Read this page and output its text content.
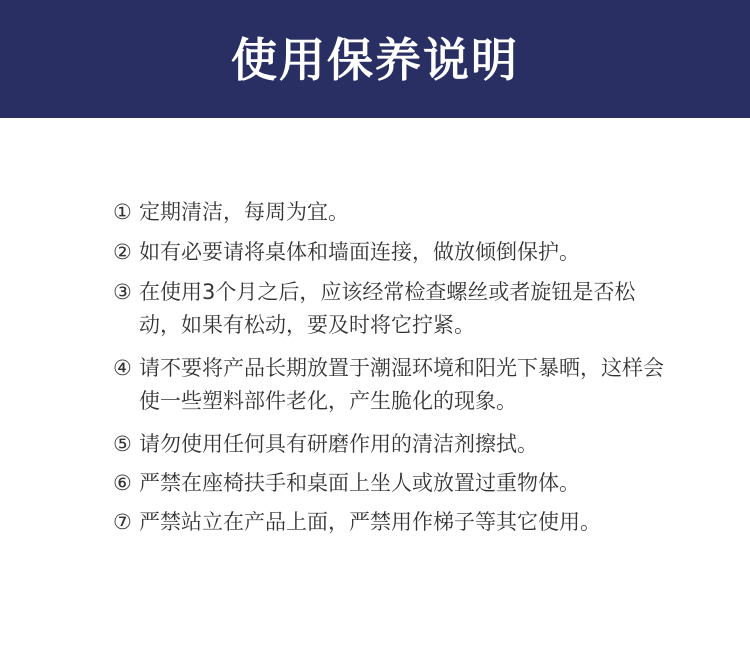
使用保养说明
① 定期清洁，每周为宜。
② 如有必要请将桌体和墙面连接，做放倾倒保护。
③ 在使用3个月之后，应该经常检查螺丝或者旋钮是否松动，如果有松动，要及时将它拧紧。
④ 请不要将产品长期放置于潮湿环境和阳光下暴晒，这样会使一些塑料部件老化，产生脆化的现象。
⑤ 请勿使用任何具有研磨作用的清洁剂擦拭。
⑥ 严禁在座椅扶手和桌面上坐人或放置过重物体。
⑦ 严禁站立在产品上面，严禁用作梯子等其它使用。
